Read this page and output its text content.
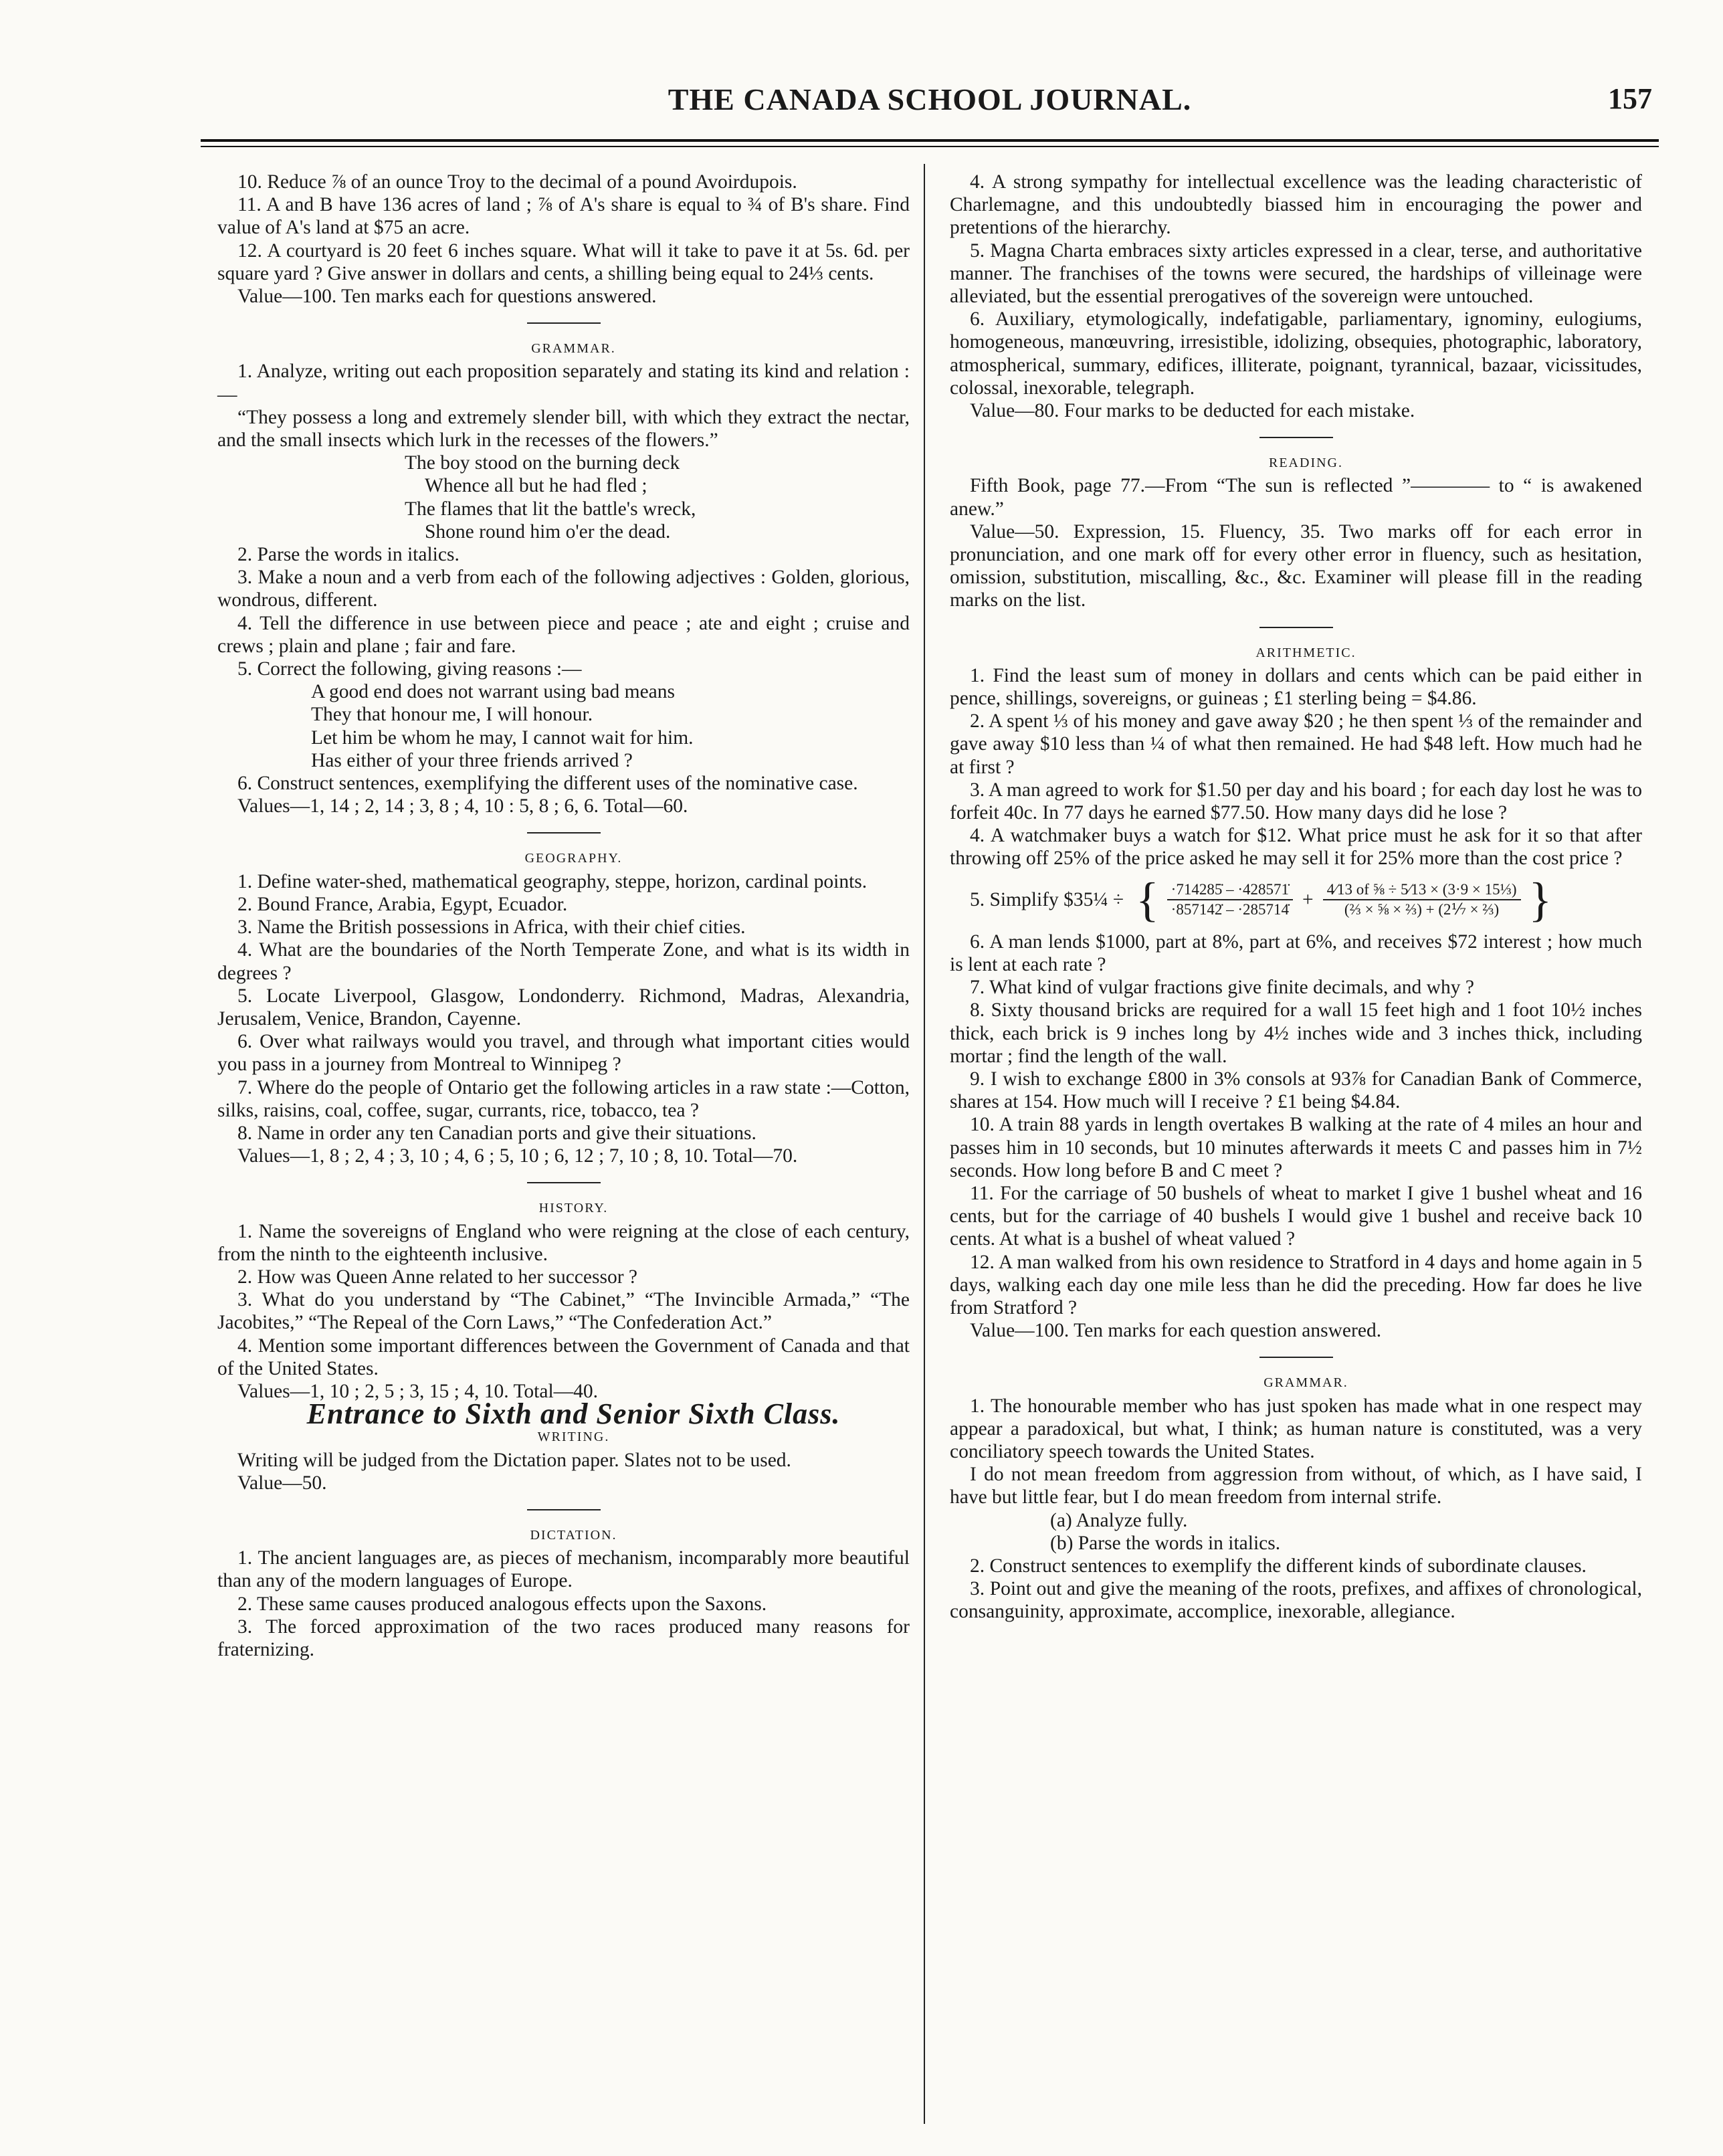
THE CANADA SCHOOL JOURNAL.	157

10. Reduce ⅞ of an ounce Troy to the decimal of a pound Avoirdupois.

11. A and B have 136 acres of land ; ⅞ of A's share is equal to ¾ of B's share. Find value of A's land at $75 an acre.

12. A courtyard is 20 feet 6 inches square. What will it take to pave it at 5s. 6d. per square yard ? Give answer in dollars and cents, a shilling being equal to 24⅓ cents.

Value—100. Ten marks each for questions answered.

GRAMMAR.

1. Analyze, writing out each proposition separately and stating its kind and relation :—

“They possess a long and extremely slender bill, with which they extract the nectar, and the small insects which lurk in the recesses of the flowers.”

The boy stood on the burning deck

Whence all but he had fled ;

The flames that lit the battle's wreck,

Shone round him o'er the dead.

2. Parse the words in italics.

3. Make a noun and a verb from each of the following adjectives : Golden, glorious, wondrous, different.

4. Tell the difference in use between piece and peace ; ate and eight ; cruise and crews ; plain and plane ; fair and fare.

5. Correct the following, giving reasons :—

A good end does not warrant using bad means

They that honour me, I will honour.

Let him be whom he may, I cannot wait for him.

Has either of your three friends arrived ?

6. Construct sentences, exemplifying the different uses of the nominative case.

Values—1, 14 ; 2, 14 ; 3, 8 ; 4, 10 : 5, 8 ; 6, 6. Total—60.

GEOGRAPHY.

1. Define water-shed, mathematical geography, steppe, horizon, cardinal points.

2. Bound France, Arabia, Egypt, Ecuador.

3. Name the British possessions in Africa, with their chief cities.

4. What are the boundaries of the North Temperate Zone, and what is its width in degrees ?

5. Locate Liverpool, Glasgow, Londonderry. Richmond, Madras, Alexandria, Jerusalem, Venice, Brandon, Cayenne.

6. Over what railways would you travel, and through what important cities would you pass in a journey from Montreal to Winnipeg ?

7. Where do the people of Ontario get the following articles in a raw state :—Cotton, silks, raisins, coal, coffee, sugar, currants, rice, tobacco, tea ?

8. Name in order any ten Canadian ports and give their situations.

Values—1, 8 ; 2, 4 ; 3, 10 ; 4, 6 ; 5, 10 ; 6, 12 ; 7, 10 ; 8, 10. Total—70.

HISTORY.

1. Name the sovereigns of England who were reigning at the close of each century, from the ninth to the eighteenth inclusive.

2. How was Queen Anne related to her successor ?

3. What do you understand by “The Cabinet,” “The Invincible Armada,” “The Jacobites,” “The Repeal of the Corn Laws,” “The Confederation Act.”

4. Mention some important differences between the Government of Canada and that of the United States.

Values—1, 10 ; 2, 5 ; 3, 15 ; 4, 10. Total—40.

Entrance to Sixth and Senior Sixth Class.

WRITING.

Writing will be judged from the Dictation paper. Slates not to be used.

Value—50.

DICTATION.

1. The ancient languages are, as pieces of mechanism, incomparably more beautiful than any of the modern languages of Europe.

2. These same causes produced analogous effects upon the Saxons.

3. The forced approximation of the two races produced many reasons for fraternizing.

4. A strong sympathy for intellectual excellence was the leading characteristic of Charlemagne, and this undoubtedly biassed him in encouraging the power and pretentions of the hierarchy.

5. Magna Charta embraces sixty articles expressed in a clear, terse, and authoritative manner. The franchises of the towns were secured, the hardships of villeinage were alleviated, but the essential prerogatives of the sovereign were untouched.

6. Auxiliary, etymologically, indefatigable, parliamentary, ignominy, eulogiums, homogeneous, manœuvring, irresistible, idolizing, obsequies, photographic, laboratory, atmospherical, summary, edifices, illiterate, poignant, tyrannical, bazaar, vicissitudes, colossal, inexorable, telegraph.

Value—80. Four marks to be deducted for each mistake.

READING.

Fifth Book, page 77.—From “The sun is reflected ”———— to “ is awakened anew.”

Value—50. Expression, 15. Fluency, 35. Two marks off for each error in pronunciation, and one mark off for every other error in fluency, such as hesitation, omission, substitution, miscalling, &c., &c. Examiner will please fill in the reading marks on the list.

ARITHMETIC.

1. Find the least sum of money in dollars and cents which can be paid either in pence, shillings, sovereigns, or guineas ; £1 sterling being = $4.86.

2. A spent ⅓ of his money and gave away $20 ; he then spent ⅓ of the remainder and gave away $10 less than ¼ of what then remained. He had $48 left. How much had he at first ?

3. A man agreed to work for $1.50 per day and his board ; for each day lost he was to forfeit 40c. In 77 days he earned $77.50. How many days did he lose ?

4. A watchmaker buys a watch for $12. What price must he ask for it so that after throwing off 25% of the price asked he may sell it for 25% more than the cost price ?

5. Simplify $35¼ ÷ { $\frac{\cdot 714285̇ - \cdot 428571̇}{\cdot 857142̇ - \cdot 285714̇} + \frac{\text{4⁄13 of ⅝ ÷ 5⁄13 × (3·9 × 15⅓)}}{\text{(⅔ × ⅝ × ⅔) + (2⅐ × ⅔)}}$ }

6. A man lends $1000, part at 8%, part at 6%, and receives $72 interest ; how much is lent at each rate ?

7. What kind of vulgar fractions give finite decimals, and why ?

8. Sixty thousand bricks are required for a wall 15 feet high and 1 foot 10½ inches thick, each brick is 9 inches long by 4½ inches wide and 3 inches thick, including mortar ; find the length of the wall.

9. I wish to exchange £800 in 3% consols at 93⅞ for Canadian Bank of Commerce, shares at 154. How much will I receive ? £1 being $4.84.

10. A train 88 yards in length overtakes B walking at the rate of 4 miles an hour and passes him in 10 seconds, but 10 minutes afterwards it meets C and passes him in 7½ seconds. How long before B and C meet ?

11. For the carriage of 50 bushels of wheat to market I give 1 bushel wheat and 16 cents, but for the carriage of 40 bushels I would give 1 bushel and receive back 10 cents. At what is a bushel of wheat valued ?

12. A man walked from his own residence to Stratford in 4 days and home again in 5 days, walking each day one mile less than he did the preceding. How far does he live from Stratford ?

Value—100. Ten marks for each question answered.

GRAMMAR.

1. The honourable member who has just spoken has made what in one respect may appear a paradoxical, but what, I think; as human nature is constituted, was a very conciliatory speech towards the United States.

I do not mean freedom from aggression from without, of which, as I have said, I have but little fear, but I do mean freedom from internal strife.

(a) Analyze fully.

(b) Parse the words in italics.

2. Construct sentences to exemplify the different kinds of subordinate clauses.

3. Point out and give the meaning of the roots, prefixes, and affixes of chronological, consanguinity, approximate, accomplice, inexorable, allegiance.
